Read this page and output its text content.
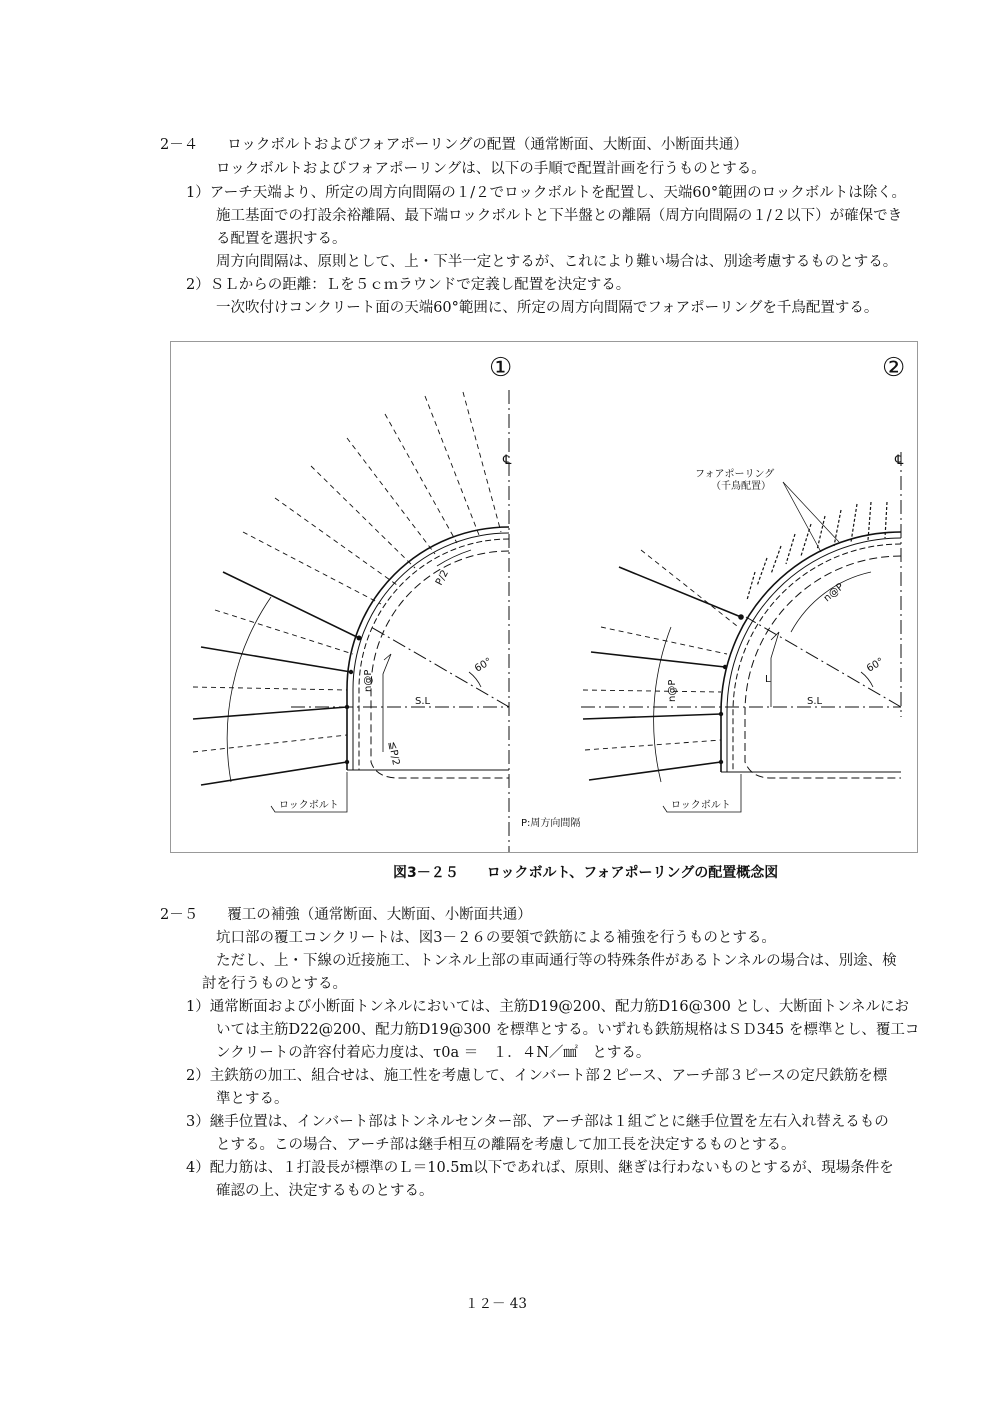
2－４　　ロックボルトおよびフォアポーリングの配置（通常断面、大断面、小断面共通）
ロックボルトおよびフォアポーリングは、以下の手順で配置計画を行うものとする。
1）アーチ天端より、所定の周方向間隔の１/２でロックボルトを配置し、天端60°範囲のロックボルトは除く。
施工基面での打設余裕離隔、最下端ロックボルトと下半盤との離隔（周方向間隔の１/２以下）が確保でき
る配置を選択する。
周方向間隔は、原則として、上・下半一定とするが、これにより難い場合は、別途考慮するものとする。
2）ＳＬからの距離：Ｌを５ｃｍラウンドで定義し配置を決定する。
一次吹付けコンクリート面の天端60°範囲に、所定の周方向間隔でフォアポーリングを千鳥配置する。
①	②
℄	℄
P/2
≦P/2
n@P
S.L
60°
ロックボルト
P:周方向間隔
フォアポーリング
（千鳥配置）
n@P
n@P
L
S.L
60°
ロックボルト
図3－２５　　ロックボルト、フォアポーリングの配置概念図
2－５　　覆工の補強（通常断面、大断面、小断面共通）
坑口部の覆工コンクリートは、図3－２６の要領で鉄筋による補強を行うものとする。
ただし、上・下線の近接施工、トンネル上部の車両通行等の特殊条件があるトンネルの場合は、別途、検
討を行うものとする。
1）通常断面および小断面トンネルにおいては、主筋D19@200、配力筋D16@300 とし、大断面トンネルにお
いては主筋D22@200、配力筋D19@300 を標準とする。いずれも鉄筋規格はＳＤ345 を標準とし、覆工コ
ンクリートの許容付着応力度は、τ0a ＝　１．４N／㎟　とする。
2）主鉄筋の加工、組合せは、施工性を考慮して、インバート部２ピース、アーチ部３ピースの定尺鉄筋を標
準とする。
3）継手位置は、インバート部はトンネルセンター部、アーチ部は１組ごとに継手位置を左右入れ替えるもの
とする。この場合、アーチ部は継手相互の離隔を考慮して加工長を決定するものとする。
4）配力筋は、１打設長が標準のＬ＝10.5m以下であれば、原則、継ぎは行わないものとするが、現場条件を
確認の上、決定するものとする。
１２－ 43
